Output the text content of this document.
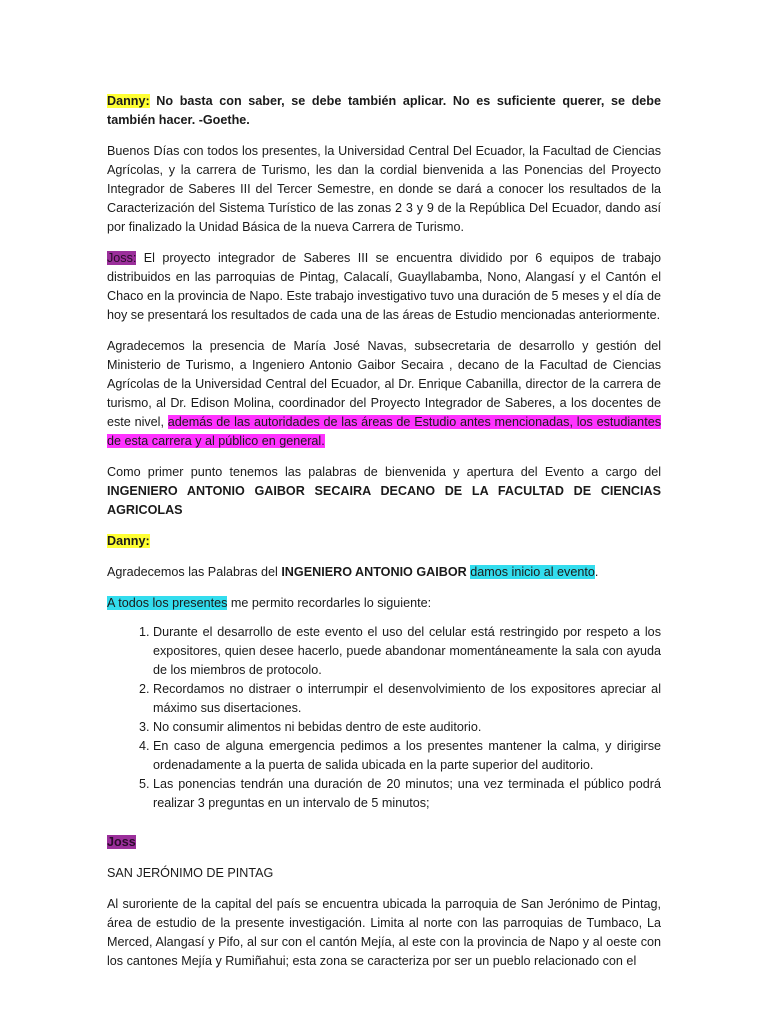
Danny: No basta con saber, se debe también aplicar. No es suficiente querer, se debe también hacer. -Goethe.

Buenos Días con todos los presentes, la Universidad Central Del Ecuador, la Facultad de Ciencias Agrícolas, y la carrera de Turismo, les dan la cordial bienvenida a las Ponencias del Proyecto Integrador de Saberes III del Tercer Semestre, en donde se dará a conocer los resultados de la Caracterización del Sistema Turístico de las zonas 2 3 y 9 de la República Del Ecuador, dando así por finalizado la Unidad Básica de la nueva Carrera de Turismo.

Joss: El proyecto integrador de Saberes III se encuentra dividido por 6 equipos de trabajo distribuidos en las parroquias de Pintag, Calacalí, Guayllabamba, Nono, Alangasí y el Cantón el Chaco en la provincia de Napo. Este trabajo investigativo tuvo una duración de 5 meses y el día de hoy se presentará los resultados de cada una de las áreas de Estudio mencionadas anteriormente.

Agradecemos la presencia de María José Navas, subsecretaria de desarrollo y gestión del Ministerio de Turismo, a Ingeniero Antonio Gaibor Secaira , decano de la Facultad de Ciencias Agrícolas de la Universidad Central del Ecuador, al Dr. Enrique Cabanilla, director de la carrera de turismo, al Dr. Edison Molina, coordinador del Proyecto Integrador de Saberes, a los docentes de este nivel, además de las autoridades de las áreas de Estudio antes mencionadas, los estudiantes de esta carrera y al público en general.

Como primer punto tenemos las palabras de bienvenida y apertura del Evento a cargo del INGENIERO ANTONIO GAIBOR SECAIRA DECANO DE LA FACULTAD DE CIENCIAS AGRICOLAS

Danny:

Agradecemos las Palabras del INGENIERO ANTONIO GAIBOR damos inicio al evento.

A todos los presentes me permito recordarles lo siguiente:

1. Durante el desarrollo de este evento el uso del celular está restringido por respeto a los expositores, quien desee hacerlo, puede abandonar momentáneamente la sala con ayuda de los miembros de protocolo.
2. Recordamos no distraer o interrumpir el desenvolvimiento de los expositores apreciar al máximo sus disertaciones.
3. No consumir alimentos ni bebidas dentro de este auditorio.
4. En caso de alguna emergencia pedimos a los presentes mantener la calma, y dirigirse ordenadamente a la puerta de salida ubicada en la parte superior del auditorio.
5. Las ponencias tendrán una duración de 20 minutos; una vez terminada el público podrá realizar 3 preguntas en un intervalo de 5 minutos;

Joss

SAN JERÓNIMO DE PINTAG

Al suroriente de la capital del país se encuentra ubicada la parroquia de San Jerónimo de Pintag, área de estudio de la presente investigación. Limita al norte con las parroquias de Tumbaco, La Merced, Alangasí y Pifo, al sur con el cantón Mejía, al este con la provincia de Napo y al oeste con los cantones Mejía y Rumiñahui; esta zona se caracteriza por ser un pueblo relacionado con el
